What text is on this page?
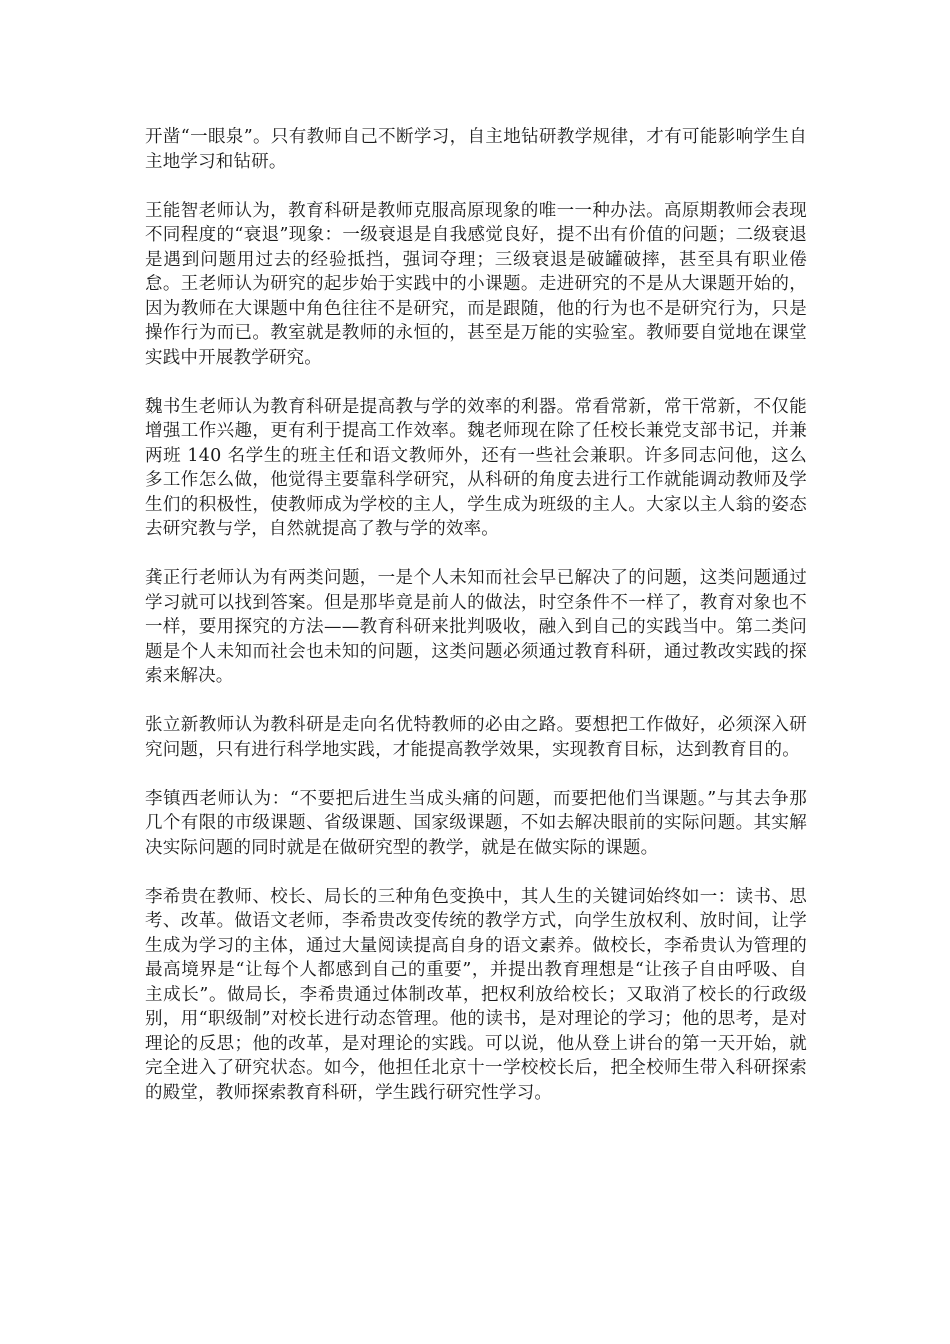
开凿“一眼泉”。只有教师自己不断学习，自主地钻研教学规律，才有可能影响学生自主地学习和钻研。

王能智老师认为，教育科研是教师克服高原现象的唯一一种办法。高原期教师会表现不同程度的“衰退”现象：一级衰退是自我感觉良好，提不出有价值的问题；二级衰退是遇到问题用过去的经验抵挡，强词夺理；三级衰退是破罐破摔，甚至具有职业倦怠。王老师认为研究的起步始于实践中的小课题。走进研究的不是从大课题开始的，因为教师在大课题中角色往往不是研究，而是跟随，他的行为也不是研究行为，只是操作行为而已。教室就是教师的永恒的，甚至是万能的实验室。教师要自觉地在课堂实践中开展教学研究。

魏书生老师认为教育科研是提高教与学的效率的利器。常看常新，常干常新，不仅能增强工作兴趣，更有利于提高工作效率。魏老师现在除了任校长兼党支部书记，并兼两班 140 名学生的班主任和语文教师外，还有一些社会兼职。许多同志问他，这么多工作怎么做，他觉得主要靠科学研究，从科研的角度去进行工作就能调动教师及学生们的积极性，使教师成为学校的主人，学生成为班级的主人。大家以主人翁的姿态去研究教与学，自然就提高了教与学的效率。

龚正行老师认为有两类问题，一是个人未知而社会早已解决了的问题，这类问题通过学习就可以找到答案。但是那毕竟是前人的做法，时空条件不一样了，教育对象也不一样，要用探究的方法——教育科研来批判吸收，融入到自己的实践当中。第二类问题是个人未知而社会也未知的问题，这类问题必须通过教育科研，通过教改实践的探索来解决。

张立新教师认为教科研是走向名优特教师的必由之路。要想把工作做好，必须深入研究问题，只有进行科学地实践，才能提高教学效果，实现教育目标，达到教育目的。

李镇西老师认为：“不要把后进生当成头痛的问题，而要把他们当课题。”与其去争那几个有限的市级课题、省级课题、国家级课题，不如去解决眼前的实际问题。其实解决实际问题的同时就是在做研究型的教学，就是在做实际的课题。

李希贵在教师、校长、局长的三种角色变换中，其人生的关键词始终如一：读书、思考、改革。做语文老师，李希贵改变传统的教学方式，向学生放权利、放时间，让学生成为学习的主体，通过大量阅读提高自身的语文素养。做校长，李希贵认为管理的最高境界是“让每个人都感到自己的重要”，并提出教育理想是“让孩子自由呼吸、自主成长”。做局长，李希贵通过体制改革，把权利放给校长；又取消了校长的行政级别，用“职级制”对校长进行动态管理。他的读书，是对理论的学习；他的思考，是对理论的反思；他的改革，是对理论的实践。可以说，他从登上讲台的第一天开始，就完全进入了研究状态。如今，他担任北京十一学校校长后，把全校师生带入科研探索的殿堂，教师探索教育科研，学生践行研究性学习。
